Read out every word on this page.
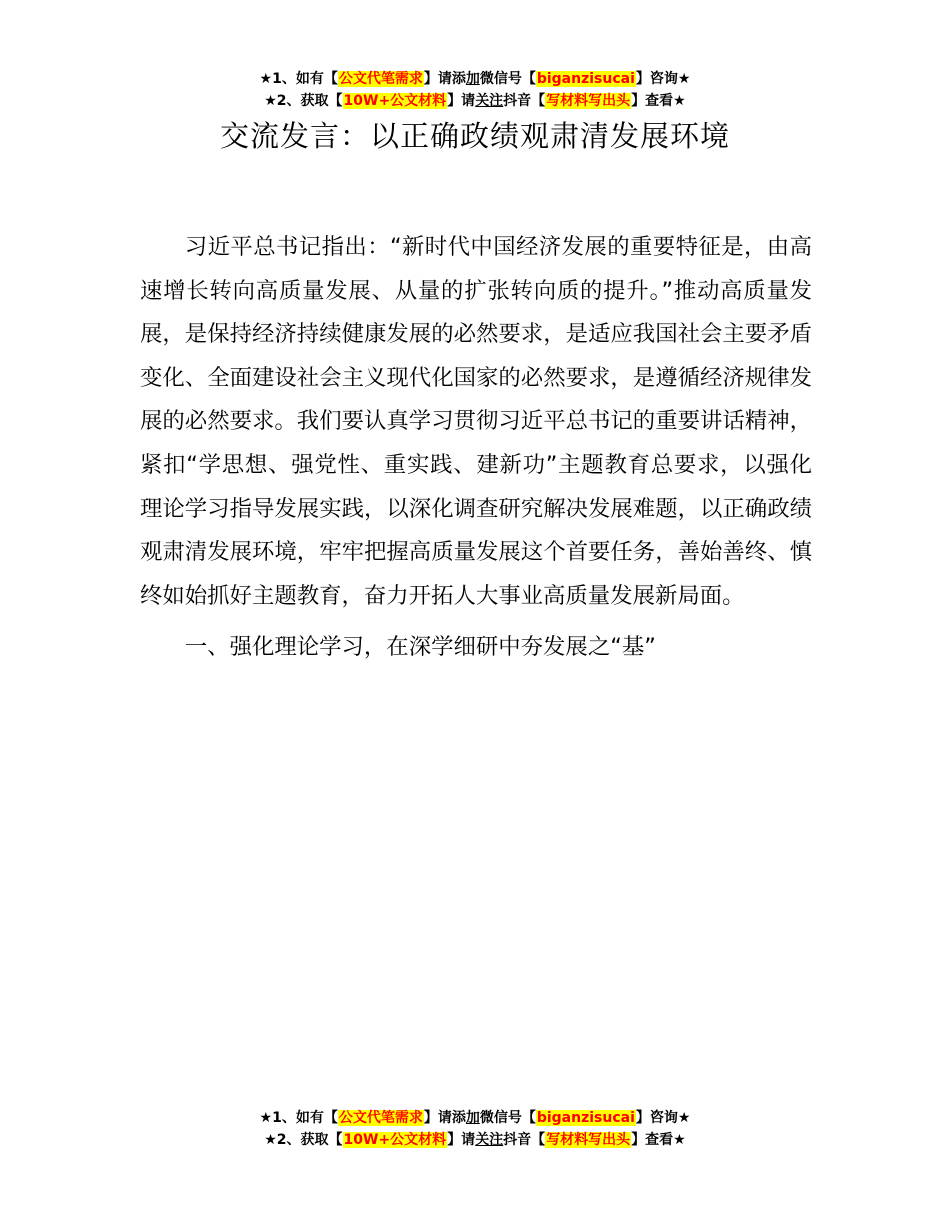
★1、如有【公文代笔需求】请添加微信号【biganzisucai】咨询★
★2、获取【10W+公文材料】请关注抖音【写材料写出头】查看★
交流发言：以正确政绩观肃清发展环境

习近平总书记指出：“新时代中国经济发展的重要特征是，由高速增长转向高质量发展、从量的扩张转向质的提升。”推动高质量发展，是保持经济持续健康发展的必然要求，是适应我国社会主要矛盾变化、全面建设社会主义现代化国家的必然要求，是遵循经济规律发展的必然要求。我们要认真学习贯彻习近平总书记的重要讲话精神，紧扣“学思想、强党性、重实践、建新功”主题教育总要求，以强化理论学习指导发展实践，以深化调查研究解决发展难题，以正确政绩观肃清发展环境，牢牢把握高质量发展这个首要任务，善始善终、慎终如始抓好主题教育，奋力开拓人大事业高质量发展新局面。

一、强化理论学习，在深学细研中夯发展之“基”

★1、如有【公文代笔需求】请添加微信号【biganzisucai】咨询★
★2、获取【10W+公文材料】请关注抖音【写材料写出头】查看★
